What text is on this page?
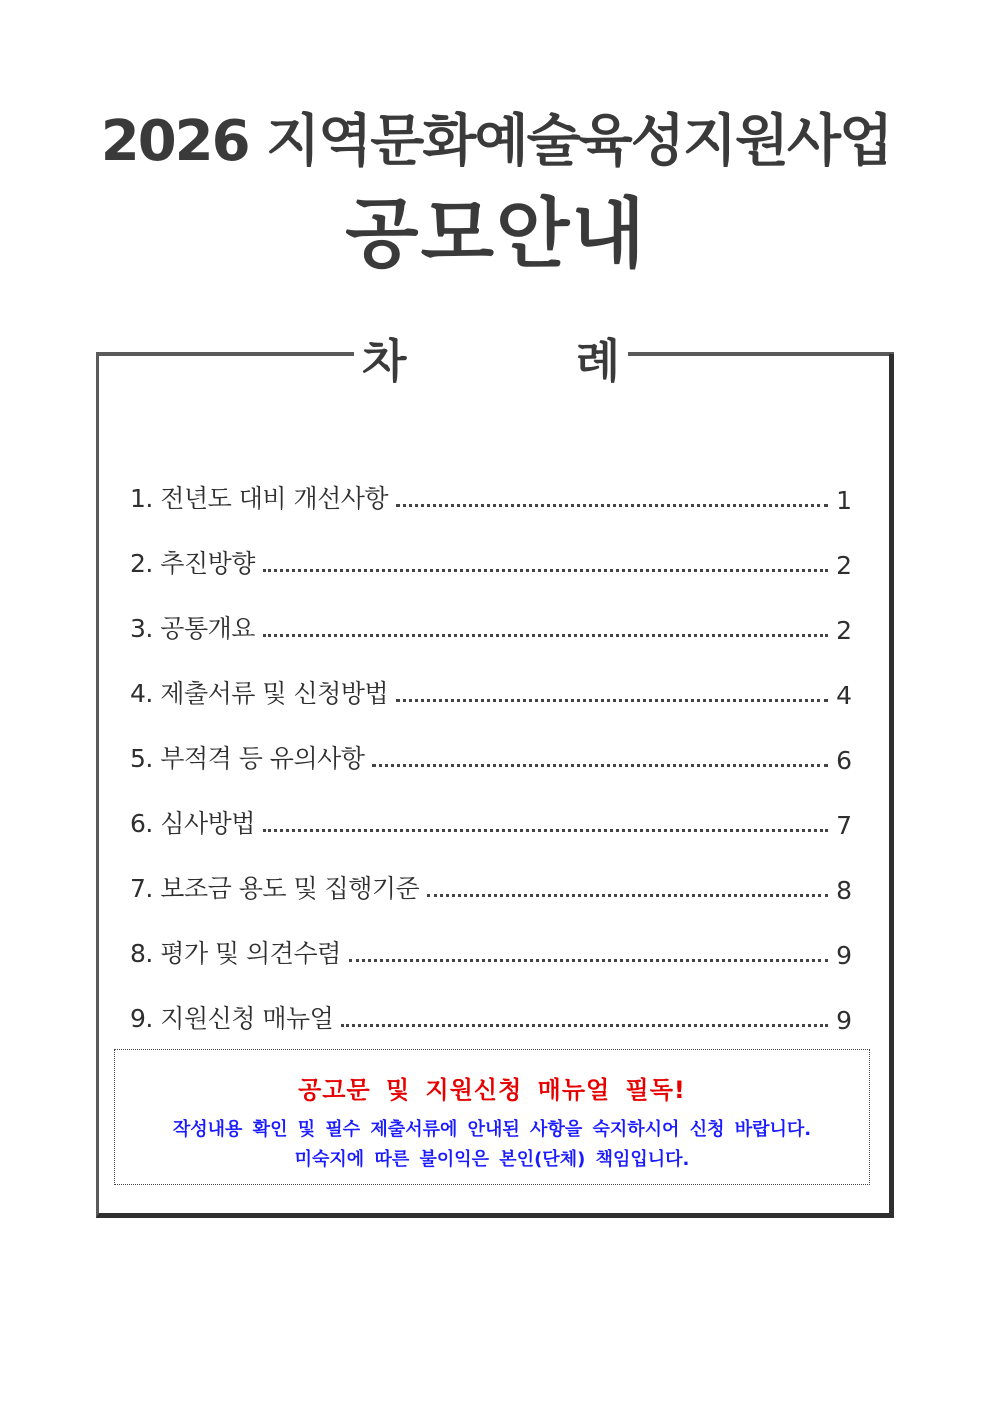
2026 지역문화예술육성지원사업
공모안내
차	례
1. 전년도 대비 개선사항	1
2. 추진방향	2
3. 공통개요	2
4. 제출서류 및 신청방법	4
5. 부적격 등 유의사항	6
6. 심사방법	7
7. 보조금 용도 및 집행기준	8
8. 평가 및 의견수렴	9
9. 지원신청 매뉴얼	9

공고문 및 지원신청 매뉴얼 필독!

작성내용 확인 및 필수 제출서류에 안내된 사항을 숙지하시어 신청 바랍니다.

미숙지에 따른 불이익은 본인(단체) 책임입니다.
